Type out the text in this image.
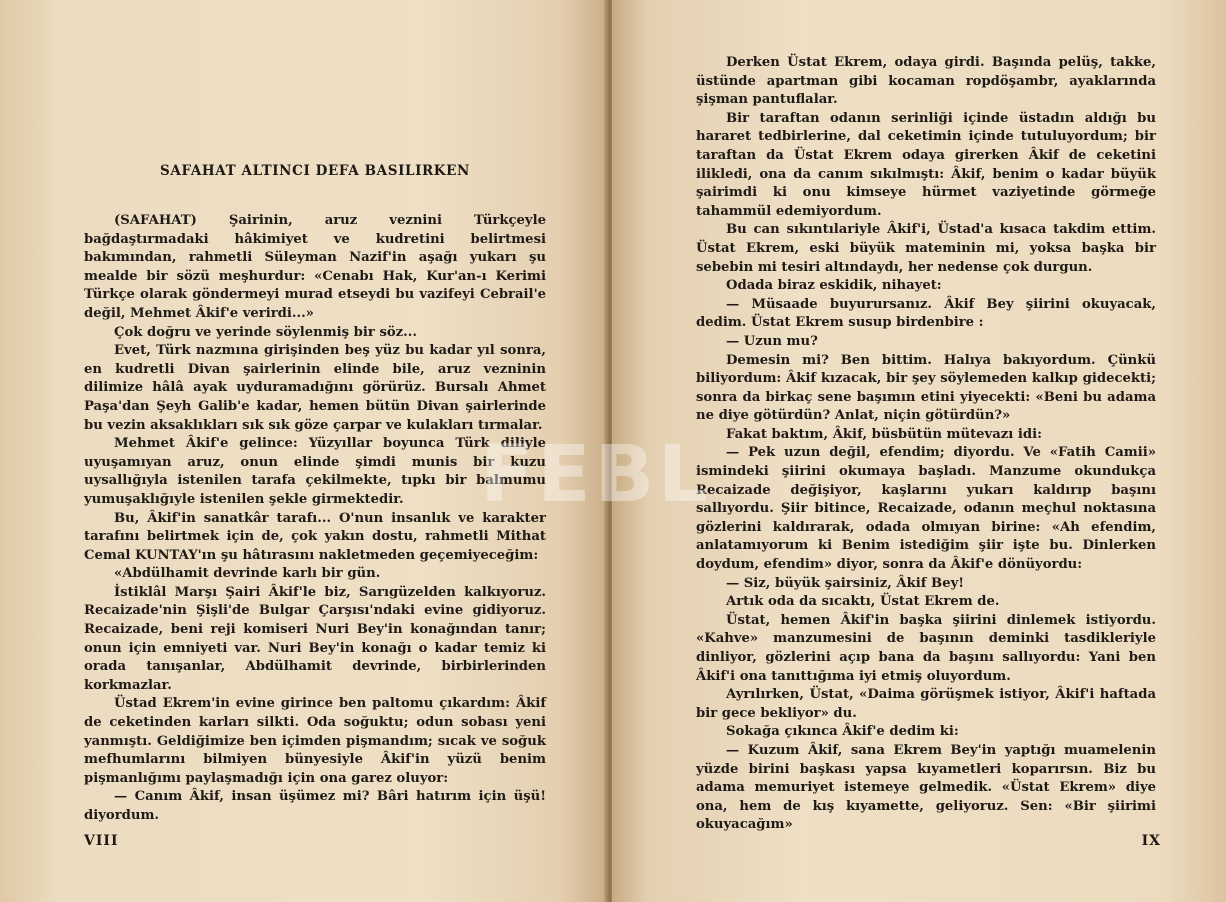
SAFAHAT ALTINCI DEFA BASILIRKEN

(SAFAHAT) Şairinin, aruz veznini Türkçeyle bağdaştırmadaki hâkimiyet ve kudretini belirtmesi bakımından, rahmetli Süleyman Nazif'in aşağı yukarı şu mealde bir sözü meşhurdur: «Cenabı Hak, Kur'an-ı Kerimi Türkçe olarak göndermeyi murad etseydi bu vazifeyi Cebrail'e değil, Mehmet Âkif'e verirdi...»

Çok doğru ve yerinde söylenmiş bir söz...

Evet, Türk nazmına girişinden beş yüz bu kadar yıl sonra, en kudretli Divan şairlerinin elinde bile, aruz vezninin dilimize hâlâ ayak uyduramadığını görürüz. Bursalı Ahmet Paşa'dan Şeyh Galib'e kadar, hemen bütün Divan şairlerinde bu vezin aksaklıkları sık sık göze çarpar ve kulakları tırmalar.

Mehmet Âkif'e gelince: Yüzyıllar boyunca Türk diliyle uyuşamıyan aruz, onun elinde şimdi munis bir kuzu uysallığıyla istenilen tarafa çekilmekte, tıpkı bir balmumu yumuşaklığıyle istenilen şekle girmektedir.

Bu, Âkif'in sanatkâr tarafı... O'nun insanlık ve karakter tarafını belirtmek için de, çok yakın dostu, rahmetli Mithat Cemal KUNTAY'ın şu hâtırasını nakletmeden geçemiyeceğim:

«Abdülhamit devrinde karlı bir gün.

İstiklâl Marşı Şairi Âkif'le biz, Sarıgüzelden kalkıyoruz. Recaizade'nin Şişli'de Bulgar Çarşısı'ndaki evine gidiyoruz. Recaizade, beni reji komiseri Nuri Bey'in konağından tanır; onun için emniyeti var. Nuri Bey'in konağı o kadar temiz ki orada tanışanlar, Abdülhamit devrinde, birbirlerinden korkmazlar.

Üstad Ekrem'in evine girince ben paltomu çıkardım: Âkif de ceketinden karları silkti. Oda soğuktu; odun sobası yeni yanmıştı. Geldiğimize ben içimden pişmandım; sıcak ve soğuk mefhumlarını bilmiyen bünyesiyle Âkif'in yüzü benim pişmanlığımı paylaşmadığı için ona garez oluyor:

— Canım Âkif, insan üşümez mi? Bâri hatırım için üşü! diyordum.

VIII

Derken Üstat Ekrem, odaya girdi. Başında pelüş, takke, üstünde apartman gibi kocaman ropdöşambr, ayaklarında şişman pantuflalar.

Bir taraftan odanın serinliği içinde üstadın aldığı bu hararet tedbirlerine, dal ceketimin içinde tutuluyordum; bir taraftan da Üstat Ekrem odaya girerken Âkif de ceketini ilikledi, ona da canım sıkılmıştı: Âkif, benim o kadar büyük şairimdi ki onu kimseye hürmet vaziyetinde görmeğe tahammül edemiyordum.

Bu can sıkıntılariyle Âkif'i, Üstad'a kısaca takdim ettim. Üstat Ekrem, eski büyük mateminin mi, yoksa başka bir sebebin mi tesiri altındaydı, her nedense çok durgun.

Odada biraz eskidik, nihayet:

— Müsaade buyurursanız. Âkif Bey şiirini okuyacak, dedim. Üstat Ekrem susup birdenbire :

— Uzun mu?

Demesin mi? Ben bittim. Halıya bakıyordum. Çünkü biliyordum: Âkif kızacak, bir şey söylemeden kalkıp gidecekti; sonra da birkaç sene başımın etini yiyecekti: «Beni bu adama ne diye götürdün? Anlat, niçin götürdün?»

Fakat baktım, Âkif, büsbütün mütevazı idi:

— Pek uzun değil, efendim; diyordu. Ve «Fatih Camii» ismindeki şiirini okumaya başladı. Manzume okundukça Recaizade değişiyor, kaşlarını yukarı kaldırıp başını sallıyordu. Şiir bitince, Recaizade, odanın meçhul noktasına gözlerini kaldırarak, odada olmıyan birine: «Ah efendim, anlatamıyorum ki Benim istediğim şiir işte bu. Dinlerken doydum, efendim» diyor, sonra da Âkif'e dönüyordu:

— Siz, büyük şairsiniz, Âkif Bey!

Artık oda da sıcaktı, Üstat Ekrem de.

Üstat, hemen Âkif'in başka şiirini dinlemek istiyordu. «Kahve» manzumesini de başının deminki tasdikleriyle dinliyor, gözlerini açıp bana da başını sallıyordu: Yani ben Âkif'i ona tanıttığıma iyi etmiş oluyordum.

Ayrılırken, Üstat, «Daima görüşmek istiyor, Âkif'i haftada bir gece bekliyor» du.

Sokağa çıkınca Âkif'e dedim ki:

— Kuzum Âkif, sana Ekrem Bey'in yaptığı muamelenin yüzde birini başkası yapsa kıyametleri koparırsın. Biz bu adama memuriyet istemeye gelmedik. «Üstat Ekrem» diye ona, hem de kış kıyamette, geliyoruz. Sen: «Bir şiirimi okuyacağım»

IX
FEBL
